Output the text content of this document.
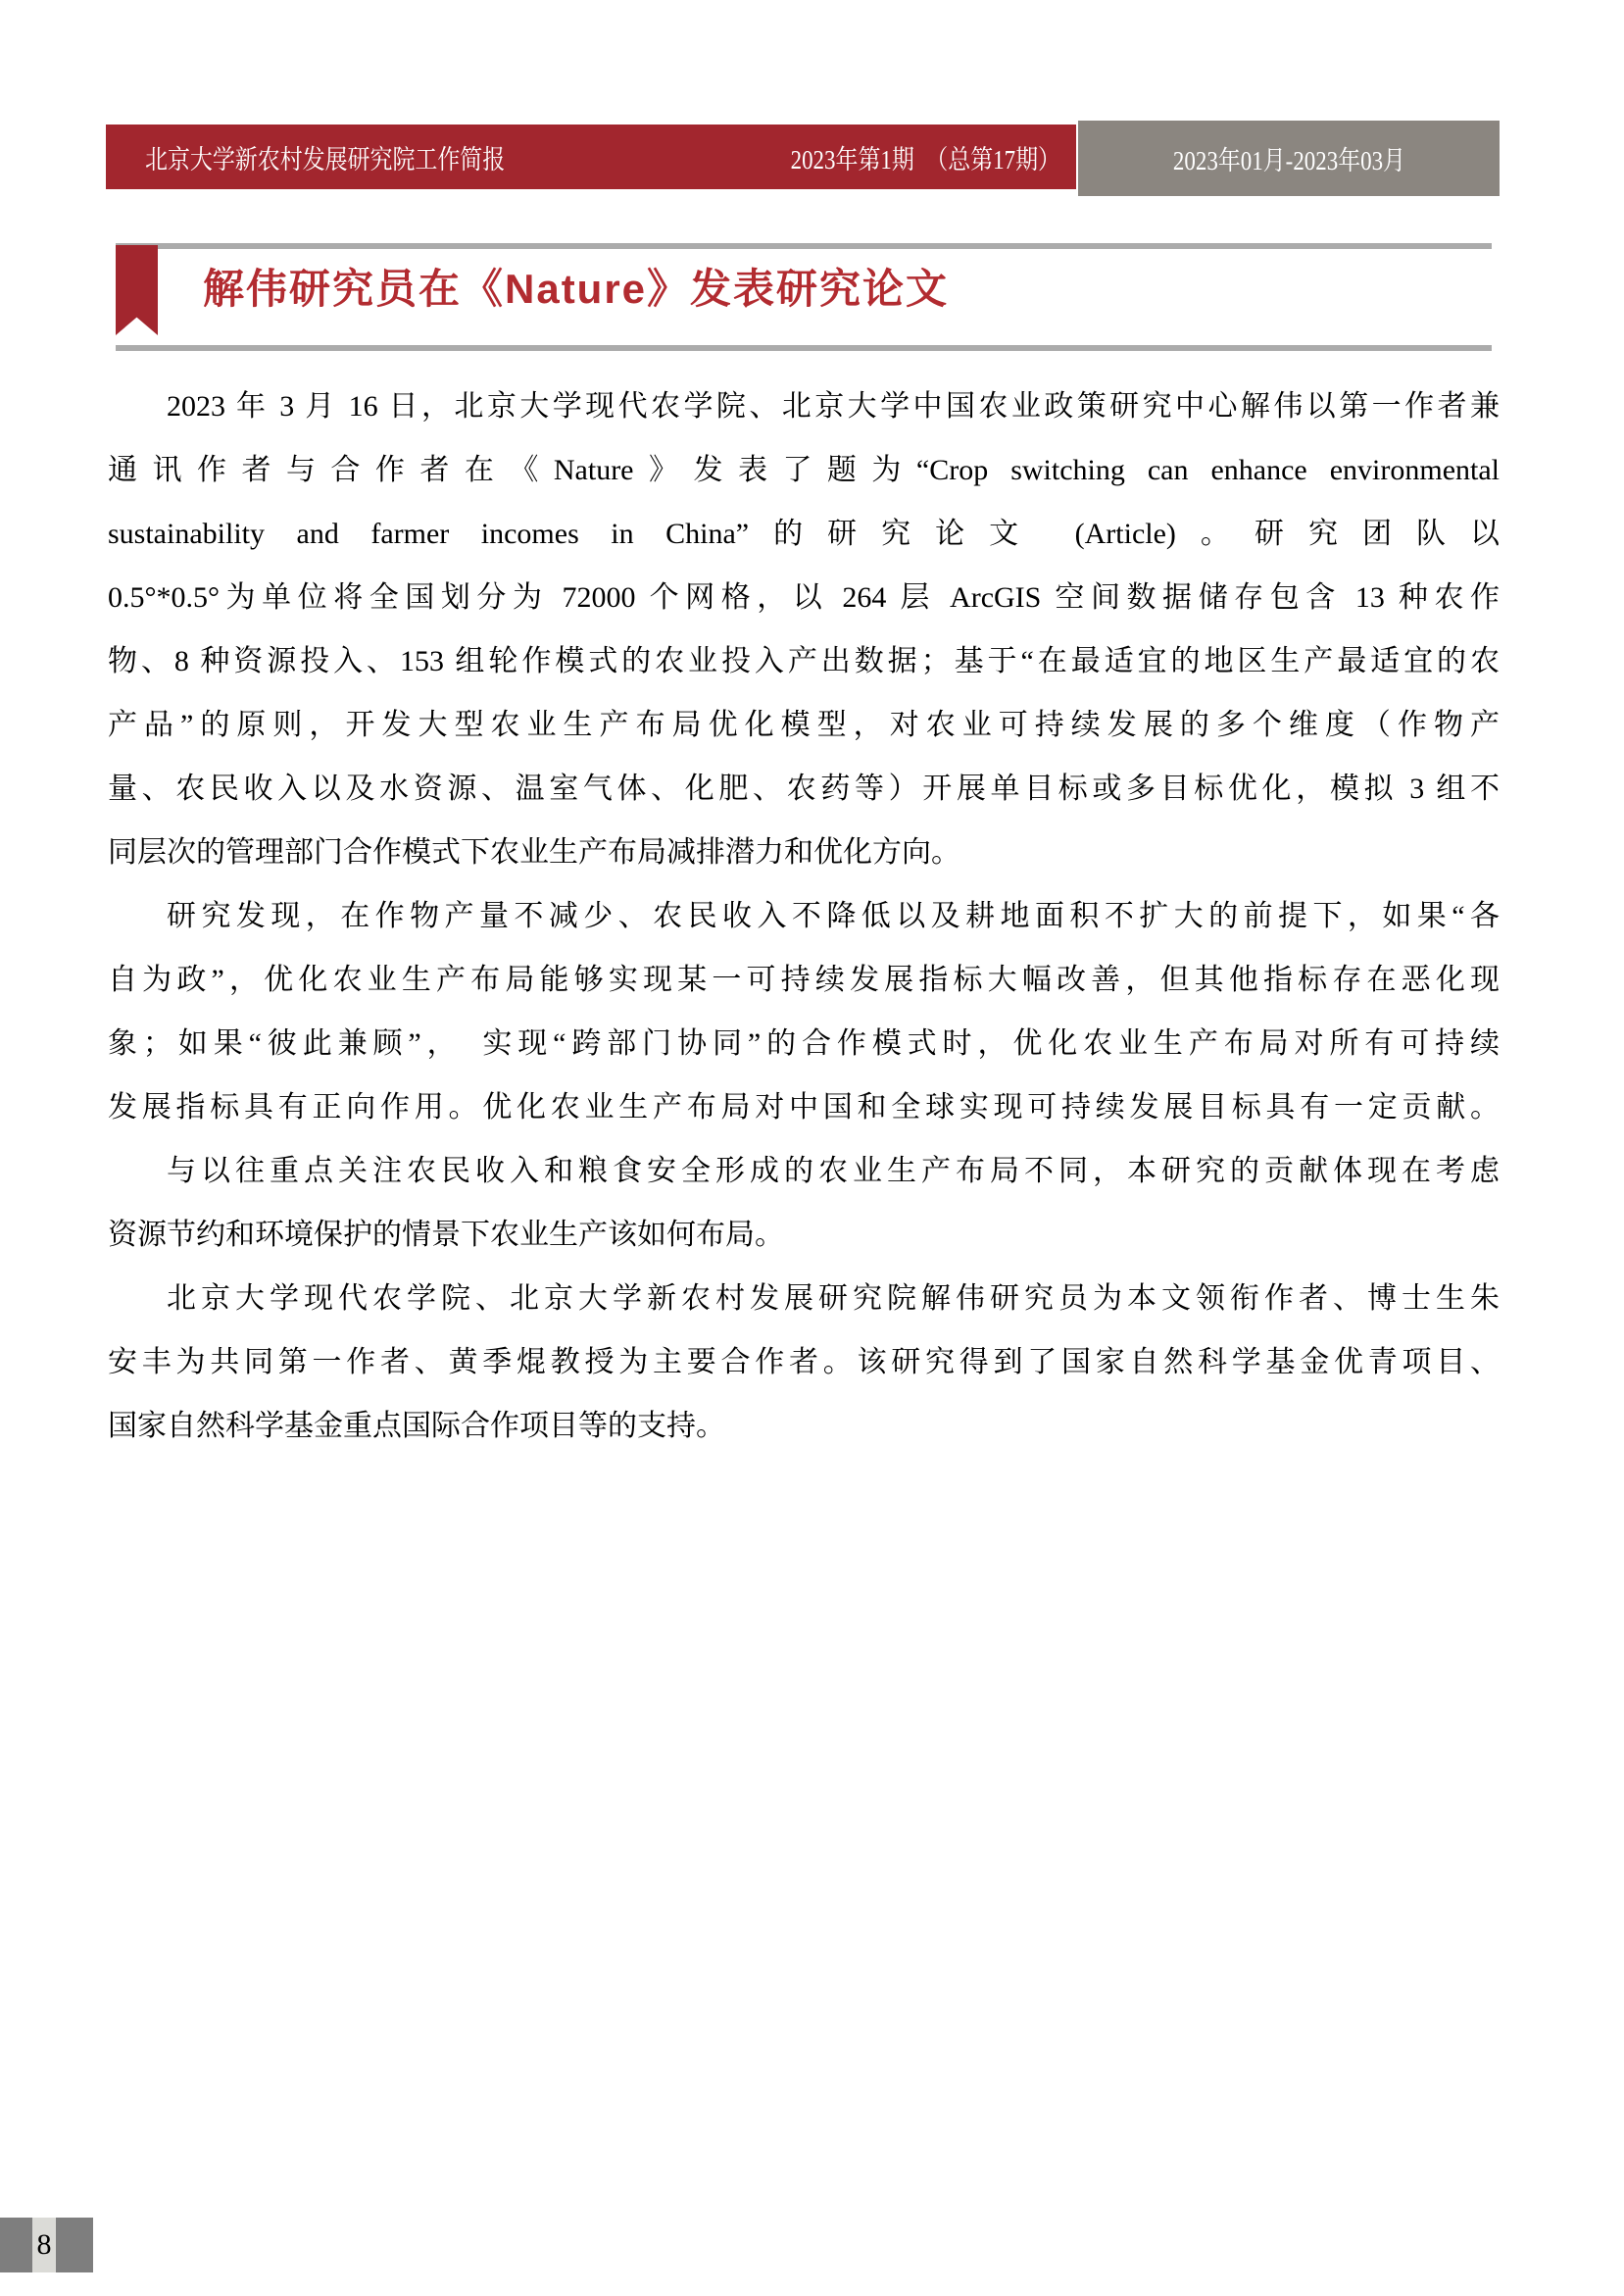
北京大学新农村发展研究院工作简报	2023年第1期　（总第17期）	2023年01月-2023年03月
解伟研究员在《Nature》发表研究论文
2023 年 3 月 16 日，北京大学现代农学院、北京大学中国农业政策研究中心解伟以第一作者兼
通讯作者与合作者在《Nature》发表了题为“Crop switching can enhance environmental
sustainability and farmer incomes in China”的研究论文 (Article)。研究团队以
0.5°*0.5°为单位将全国划分为 72000 个网格，以 264 层 ArcGIS 空间数据储存包含 13 种农作
物、8 种资源投入、153 组轮作模式的农业投入产出数据；基于“在最适宜的地区生产最适宜的农
产品”的原则，开发大型农业生产布局优化模型，对农业可持续发展的多个维度（作物产
量、农民收入以及水资源、温室气体、化肥、农药等）开展单目标或多目标优化，模拟 3 组不
同层次的管理部门合作模式下农业生产布局减排潜力和优化方向。
研究发现，在作物产量不减少、农民收入不降低以及耕地面积不扩大的前提下，如果“各
自为政”，优化农业生产布局能够实现某一可持续发展指标大幅改善，但其他指标存在恶化现
象；如果“彼此兼顾”，　实现“跨部门协同”的合作模式时，优化农业生产布局对所有可持续
发展指标具有正向作用。优化农业生产布局对中国和全球实现可持续发展目标具有一定贡献。
与以往重点关注农民收入和粮食安全形成的农业生产布局不同，本研究的贡献体现在考虑
资源节约和环境保护的情景下农业生产该如何布局。
北京大学现代农学院、北京大学新农村发展研究院解伟研究员为本文领衔作者、博士生朱
安丰为共同第一作者、黄季焜教授为主要合作者。该研究得到了国家自然科学基金优青项目、
国家自然科学基金重点国际合作项目等的支持。
8
